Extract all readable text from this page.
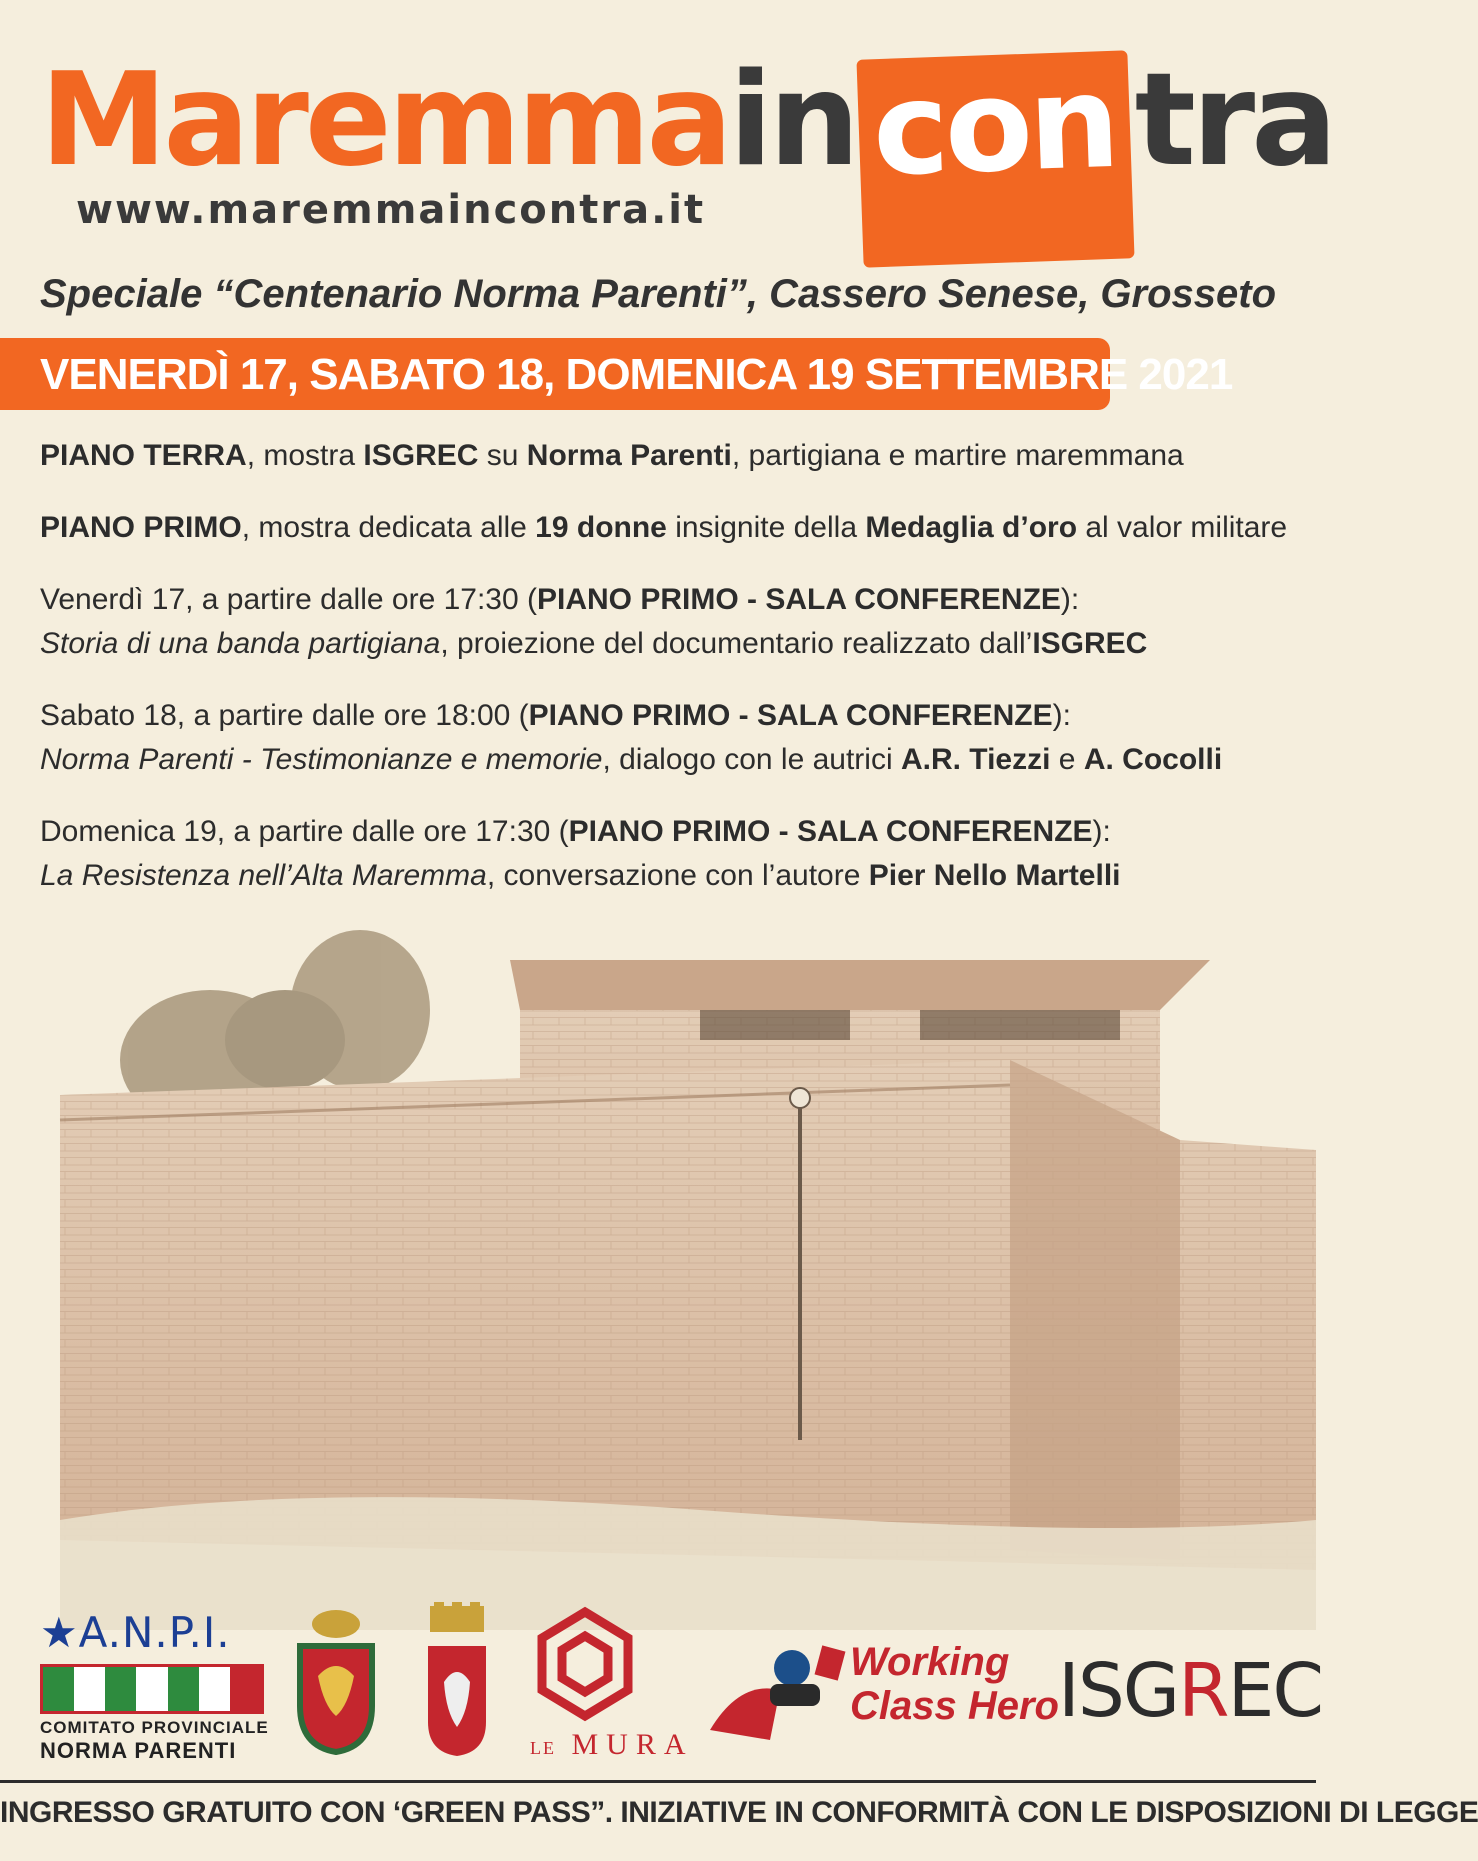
Maremmain con tra
www.maremmaincontra.it
Speciale “Centenario Norma Parenti”, Cassero Senese, Grosseto
VENERDÌ 17, SABATO 18, DOMENICA 19 SETTEMBRE 2021
PIANO TERRA, mostra ISGREC su Norma Parenti, partigiana e martire maremmana
PIANO PRIMO, mostra dedicata alle 19 donne insignite della Medaglia d’oro al valor militare
Venerdì 17, a partire dalle ore 17:30 (PIANO PRIMO - SALA CONFERENZE):
Storia di una banda partigiana, proiezione del documentario realizzato dall’ISGREC
Sabato 18, a partire dalle ore 18:00 (PIANO PRIMO - SALA CONFERENZE):
Norma Parenti - Testimonianze e memorie, dialogo con le autrici A.R. Tiezzi e A. Cocolli
Domenica 19, a partire dalle ore 17:30 (PIANO PRIMO - SALA CONFERENZE):
La Resistenza nell’Alta Maremma, conversazione con l’autore Pier Nello Martelli
★A.N.P.I.
COMITATO PROVINCIALE
NORMA PARENTI	LE MURA
Working
Class Hero ISGREC
INGRESSO GRATUITO CON ‘GREEN PASS”. INIZIATIVE IN CONFORMITÀ CON LE DISPOSIZIONI DI LEGGE
